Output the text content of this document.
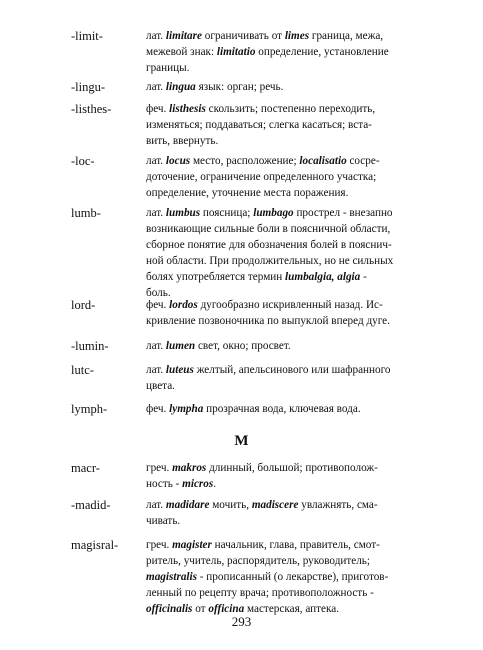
-limit-	лат. limitare ограничивать от limes граница, межа,
межевой знак: limitatio определение, установление
границы.
-lingu-	лат. lingua язык: орган; речь.
-listhes-	феч. listhesis скользить; постепенно переходить,
изменяться; поддаваться; слегка касаться; вста-
вить, ввернуть.
-loc-	лат. locus место, расположение; localisatio сосре-
доточение, ограничение определенного участка;
определение, уточнение места поражения.
lumb-	лат. lumbus поясница; lumbago прострел - внезапно
возникающие сильные боли в поясничной области,
сборное понятие для обозначения болей в пояснич-
ной области. При продолжительных, но не сильных
болях употребляется термин lumbalgia, algia -
боль.
lord-	феч. lordos дугообразно искривленный назад. Ис-
кривление позвоночника по выпуклой вперед дуге.
-lumin-	лат. lumen свет, окно; просвет.
lutc-	лат. luteus желтый, апельсинового или шафранного
цвета.
lymph-	феч. lympha прозрачная вода, ключевая вода.
M
macr-	греч. makros длинный, большой; противополож-
ность - micros.
-madid-	лат. madidare мочить, madiscere увлажнять, сма-
чивать.
magisral- греч. magister начальник, глава, правитель, смот-
ритель, учитель, распорядитель, руководитель;
magistralis - прописанный (о лекарстве), приготов-
ленный по рецепту врача; противоположность -
officinalis от officina мастерская, аптека.
293
